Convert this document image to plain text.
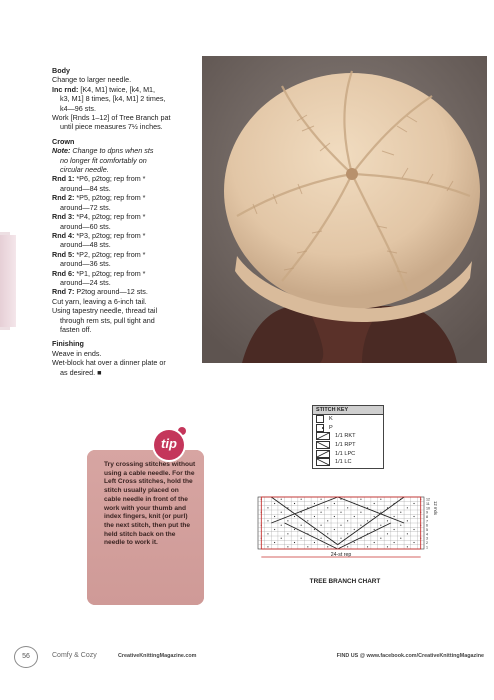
Body

Change to larger needle.

Inc rnd: [K4, M1] twice, [k4, M1,

k3, M1] 8 times, [k4, M1] 2 times,

k4—96 sts.

Work [Rnds 1–12] of Tree Branch pat

until piece measures 7½ inches.

Crown

Note: Change to dpns when sts

no longer fit comfortably on

circular needle.

Rnd 1: *P6, p2tog; rep from *

around—84 sts.

Rnd 2: *P5, p2tog; rep from *

around—72 sts.

Rnd 3: *P4, p2tog; rep from *

around—60 sts.

Rnd 4: *P3, p2tog; rep from *

around—48 sts.

Rnd 5: *P2, p2tog; rep from *

around—36 sts.

Rnd 6: *P1, p2tog; rep from *

around—24 sts.

Rnd 7: P2tog around—12 sts.

Cut yarn, leaving a 6-inch tail.

Using tapestry needle, thread tail

through rem sts, pull tight and

fasten off.

Finishing

Weave in ends.

Wet-block hat over a dinner plate or

as desired. ■

tip
Try crossing stitches without using a cable needle. For the Left Cross stitches, hold the stitch usually placed on cable needle in front of the work with your thumb and index fingers, knit (or purl) the next stitch, then put the held stitch back on the needle to work it.
STITCH KEY
K
P
1/1 RKT
1/1 RPT
1/1 LPC
1/1 LC
24-st rep
12
11
10
9
8
7
6
5
4
3
2
1
12 rnds
TREE BRANCH CHART
56	Comfy & Cozy	CreativeKnittingMagazine.com	FIND US @ www.facebook.com/CreativeKnittingMagazine
